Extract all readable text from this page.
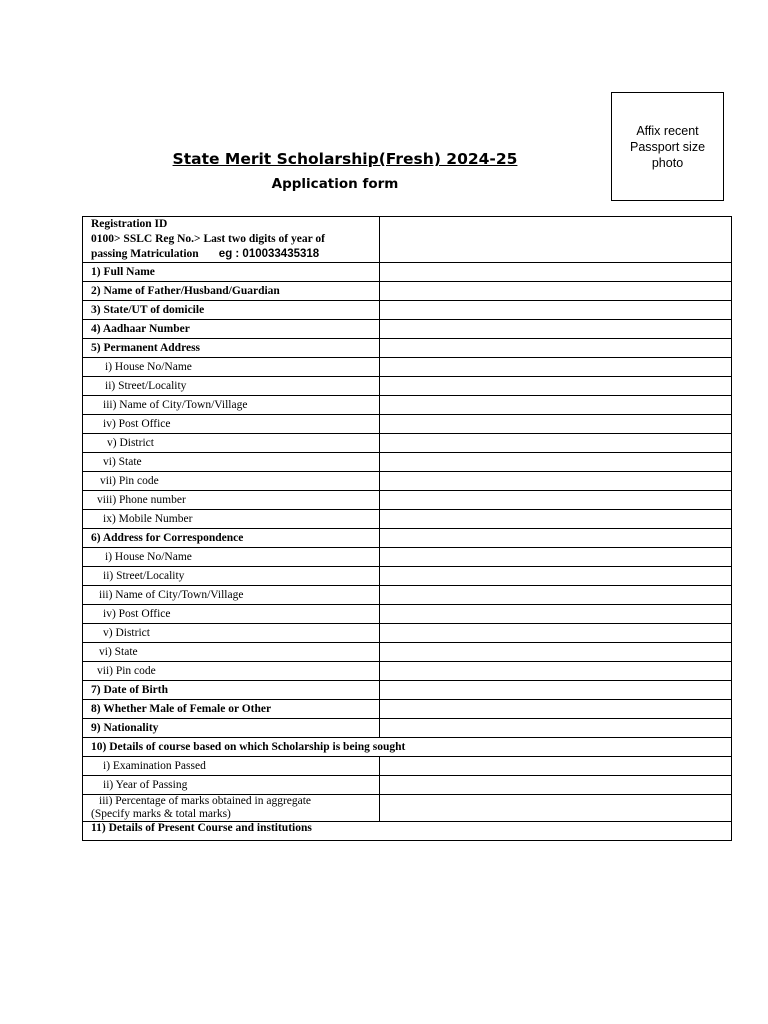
Affix recent
Passport size
photo
State Merit Scholarship(Fresh) 2024-25
Application form
Registration ID
0100> SSLC Reg No.> Last two digits of year of
passing Matriculation eg : 010033435318	

1) Full Name	
2) Name of Father/Husband/Guardian	
3) State/UT of domicile	
4) Aadhaar Number	
5) Permanent Address	
i) House No/Name	
ii) Street/Locality	
iii) Name of City/Town/Village	
iv) Post Office	
v) District	
vi) State	
vii) Pin code	
viii) Phone number	
ix) Mobile Number	
6) Address for Correspondence	
i) House No/Name	
ii) Street/Locality	
iii) Name of City/Town/Village	
iv) Post Office	
v) District	
vi) State	
vii) Pin code	
7) Date of Birth	
8) Whether Male of Female or Other	
9) Nationality	
10) Details of course based on which Scholarship is being sought	
i) Examination Passed	
ii) Year of Passing	

iii) Percentage of marks obtained in aggregate
(Specify marks & total marks)	

11) Details of Present Course and institutions	
